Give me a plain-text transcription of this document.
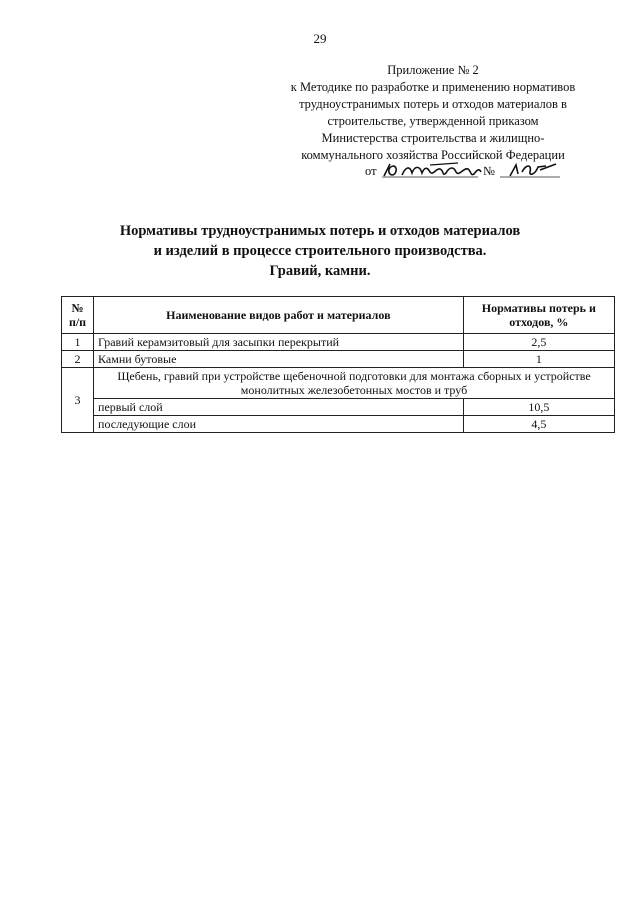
29
Приложение № 2
к Методике по разработке и применению нормативов трудноустранимых потерь и отходов материалов в строительстве, утвержденной приказом Министерства строительства и жилищно-коммунального хозяйства Российской Федерации
от	№
Нормативы трудноустранимых потерь и отходов материалов
и изделий в процессе строительного производства.
Гравий, камни.
№ п/п	Наименование видов работ и материалов	Нормативы потерь и отходов, %
1	Гравий керамзитовый для засыпки перекрытий	2,5
2	Камни бутовые	1
3	Щебень, гравий при устройстве щебеночной подготовки для монтажа сборных и устройстве монолитных железобетонных мостов и труб	
	первый слой	10,5
	последующие слои	4,5
